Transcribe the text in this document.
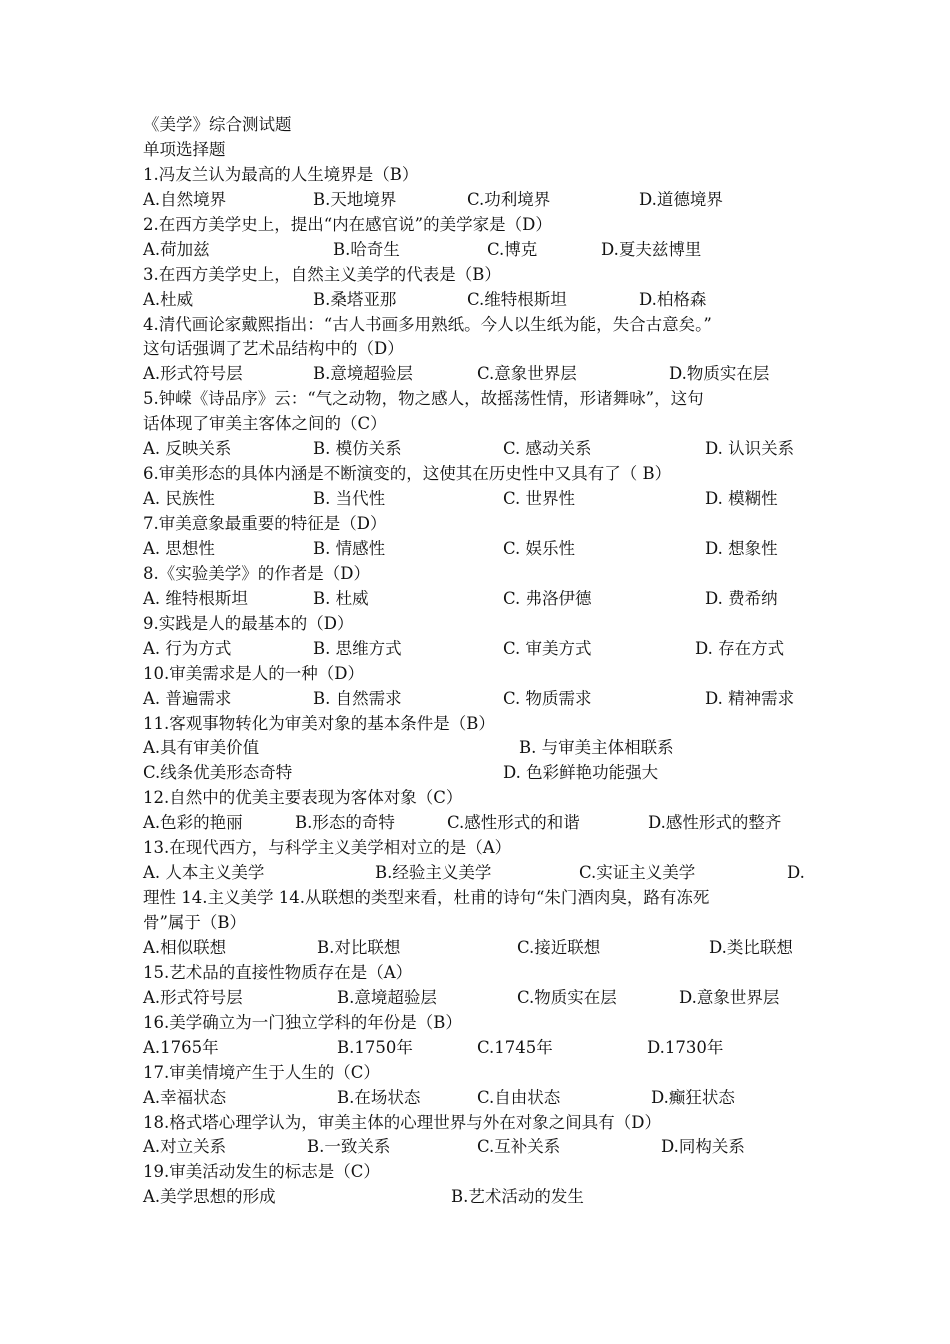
《美学》综合测试题
单项选择题
1.冯友兰认为最高的人生境界是（B）
A.自然境界	B.天地境界	C.功利境界	D.道德境界
2.在西方美学史上，提出“内在感官说”的美学家是（D）
A.荷加兹	B.哈奇生	C.博克	D.夏夫兹博里
3.在西方美学史上，自然主义美学的代表是（B）
A.杜威	B.桑塔亚那	C.维特根斯坦	D.柏格森
4.清代画论家戴熙指出：“古人书画多用熟纸。今人以生纸为能，失合古意矣。”
这句话强调了艺术品结构中的（D）
A.形式符号层	B.意境超验层	C.意象世界层	D.物质实在层
5.钟嵘《诗品序》云：“气之动物，物之感人，故摇荡性情，形诸舞咏”，这句
话体现了审美主客体之间的（C）
A. 反映关系	B. 模仿关系	C. 感动关系	D. 认识关系
6.审美形态的具体内涵是不断演变的，这使其在历史性中又具有了（ B）
A. 民族性	B. 当代性	C. 世界性	D. 模糊性
7.审美意象最重要的特征是（D）
A. 思想性	B. 情感性	C. 娱乐性	D. 想象性
8.《实验美学》的作者是（D）
A. 维特根斯坦	B. 杜威	C. 弗洛伊德	D. 费希纳
9.实践是人的最基本的（D）
A. 行为方式	B. 思维方式	C. 审美方式	D. 存在方式
10.审美需求是人的一种（D）
A. 普遍需求	B. 自然需求	C. 物质需求	D. 精神需求
11.客观事物转化为审美对象的基本条件是（B）
A.具有审美价值	B. 与审美主体相联系
C.线条优美形态奇特	D. 色彩鲜艳功能强大
12.自然中的优美主要表现为客体对象（C）
A.色彩的艳丽	B.形态的奇特	C.感性形式的和谐	D.感性形式的整齐
13.在现代西方，与科学主义美学相对立的是（A）
A. 人本主义美学	B.经验主义美学	C.实证主义美学	D.
理性 14.主义美学 14.从联想的类型来看，杜甫的诗句“朱门酒肉臭，路有冻死
骨”属于（B）
A.相似联想	B.对比联想	C.接近联想	D.类比联想
15.艺术品的直接性物质存在是（A）
A.形式符号层	B.意境超验层	C.物质实在层	D.意象世界层
16.美学确立为一门独立学科的年份是（B）
A.1765年	B.1750年	C.1745年	D.1730年
17.审美情境产生于人生的（C）
A.幸福状态	B.在场状态	C.自由状态	D.癫狂状态
18.格式塔心理学认为，审美主体的心理世界与外在对象之间具有（D）
A.对立关系	B.一致关系	C.互补关系	D.同构关系
19.审美活动发生的标志是（C）
A.美学思想的形成	B.艺术活动的发生
